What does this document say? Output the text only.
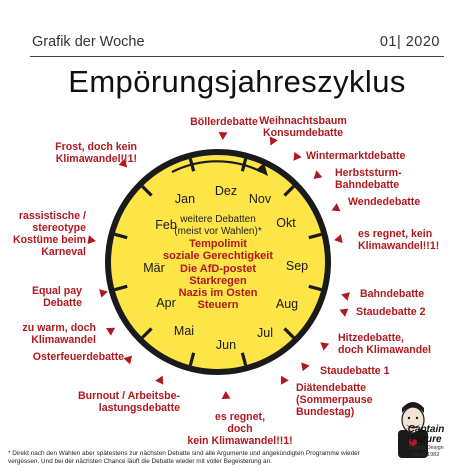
Grafik der Woche	01| 2020
Empörungsjahreszyklus
Dez
Nov
Okt
Sep
Aug
Jul
Jun
Mai
Apr
Mär
Feb
Jan
weitere Debatten
(meist vor Wahlen)*
Tempolimit
soziale Gerechtigkeit
Die AfD-postet
Starkregen
Nazis im Osten
Steuern
Böllerdebatte Weihnachtsbaum
Konsumdebatte
Wintermarktdebatte
Herbststurm-
Bahndebatte
Wendedebatte
es regnet, kein
Klimawandel!!1!
Bahndebatte
Staudebatte 2
Hitzedebatte,
doch Klimawandel
Staudebatte 1
Diätendebatte
(Sommerpause
Bundestag)
es regnet,
doch
kein Klimawandel!!1!
Burnout / Arbeitsbe-
lastungsdebatte
Osterfeuerdebatte
zu warm, doch
Klimawandel
Equal pay
Debatte
rassistische /
stereotype
Kostüme beim
Karneval
Frost, doch kein
Klimawandel!!1!
* Direkt nach den Wahlen aber spätestens zur nächsten Debatte sind alle Argumente und angekündigten Programme wieder vergessen. Und bei der nächsten Chance läuft die Debatte wieder mit voller Begeisterung an.
Captain
Future
Saving Design
since 1982
